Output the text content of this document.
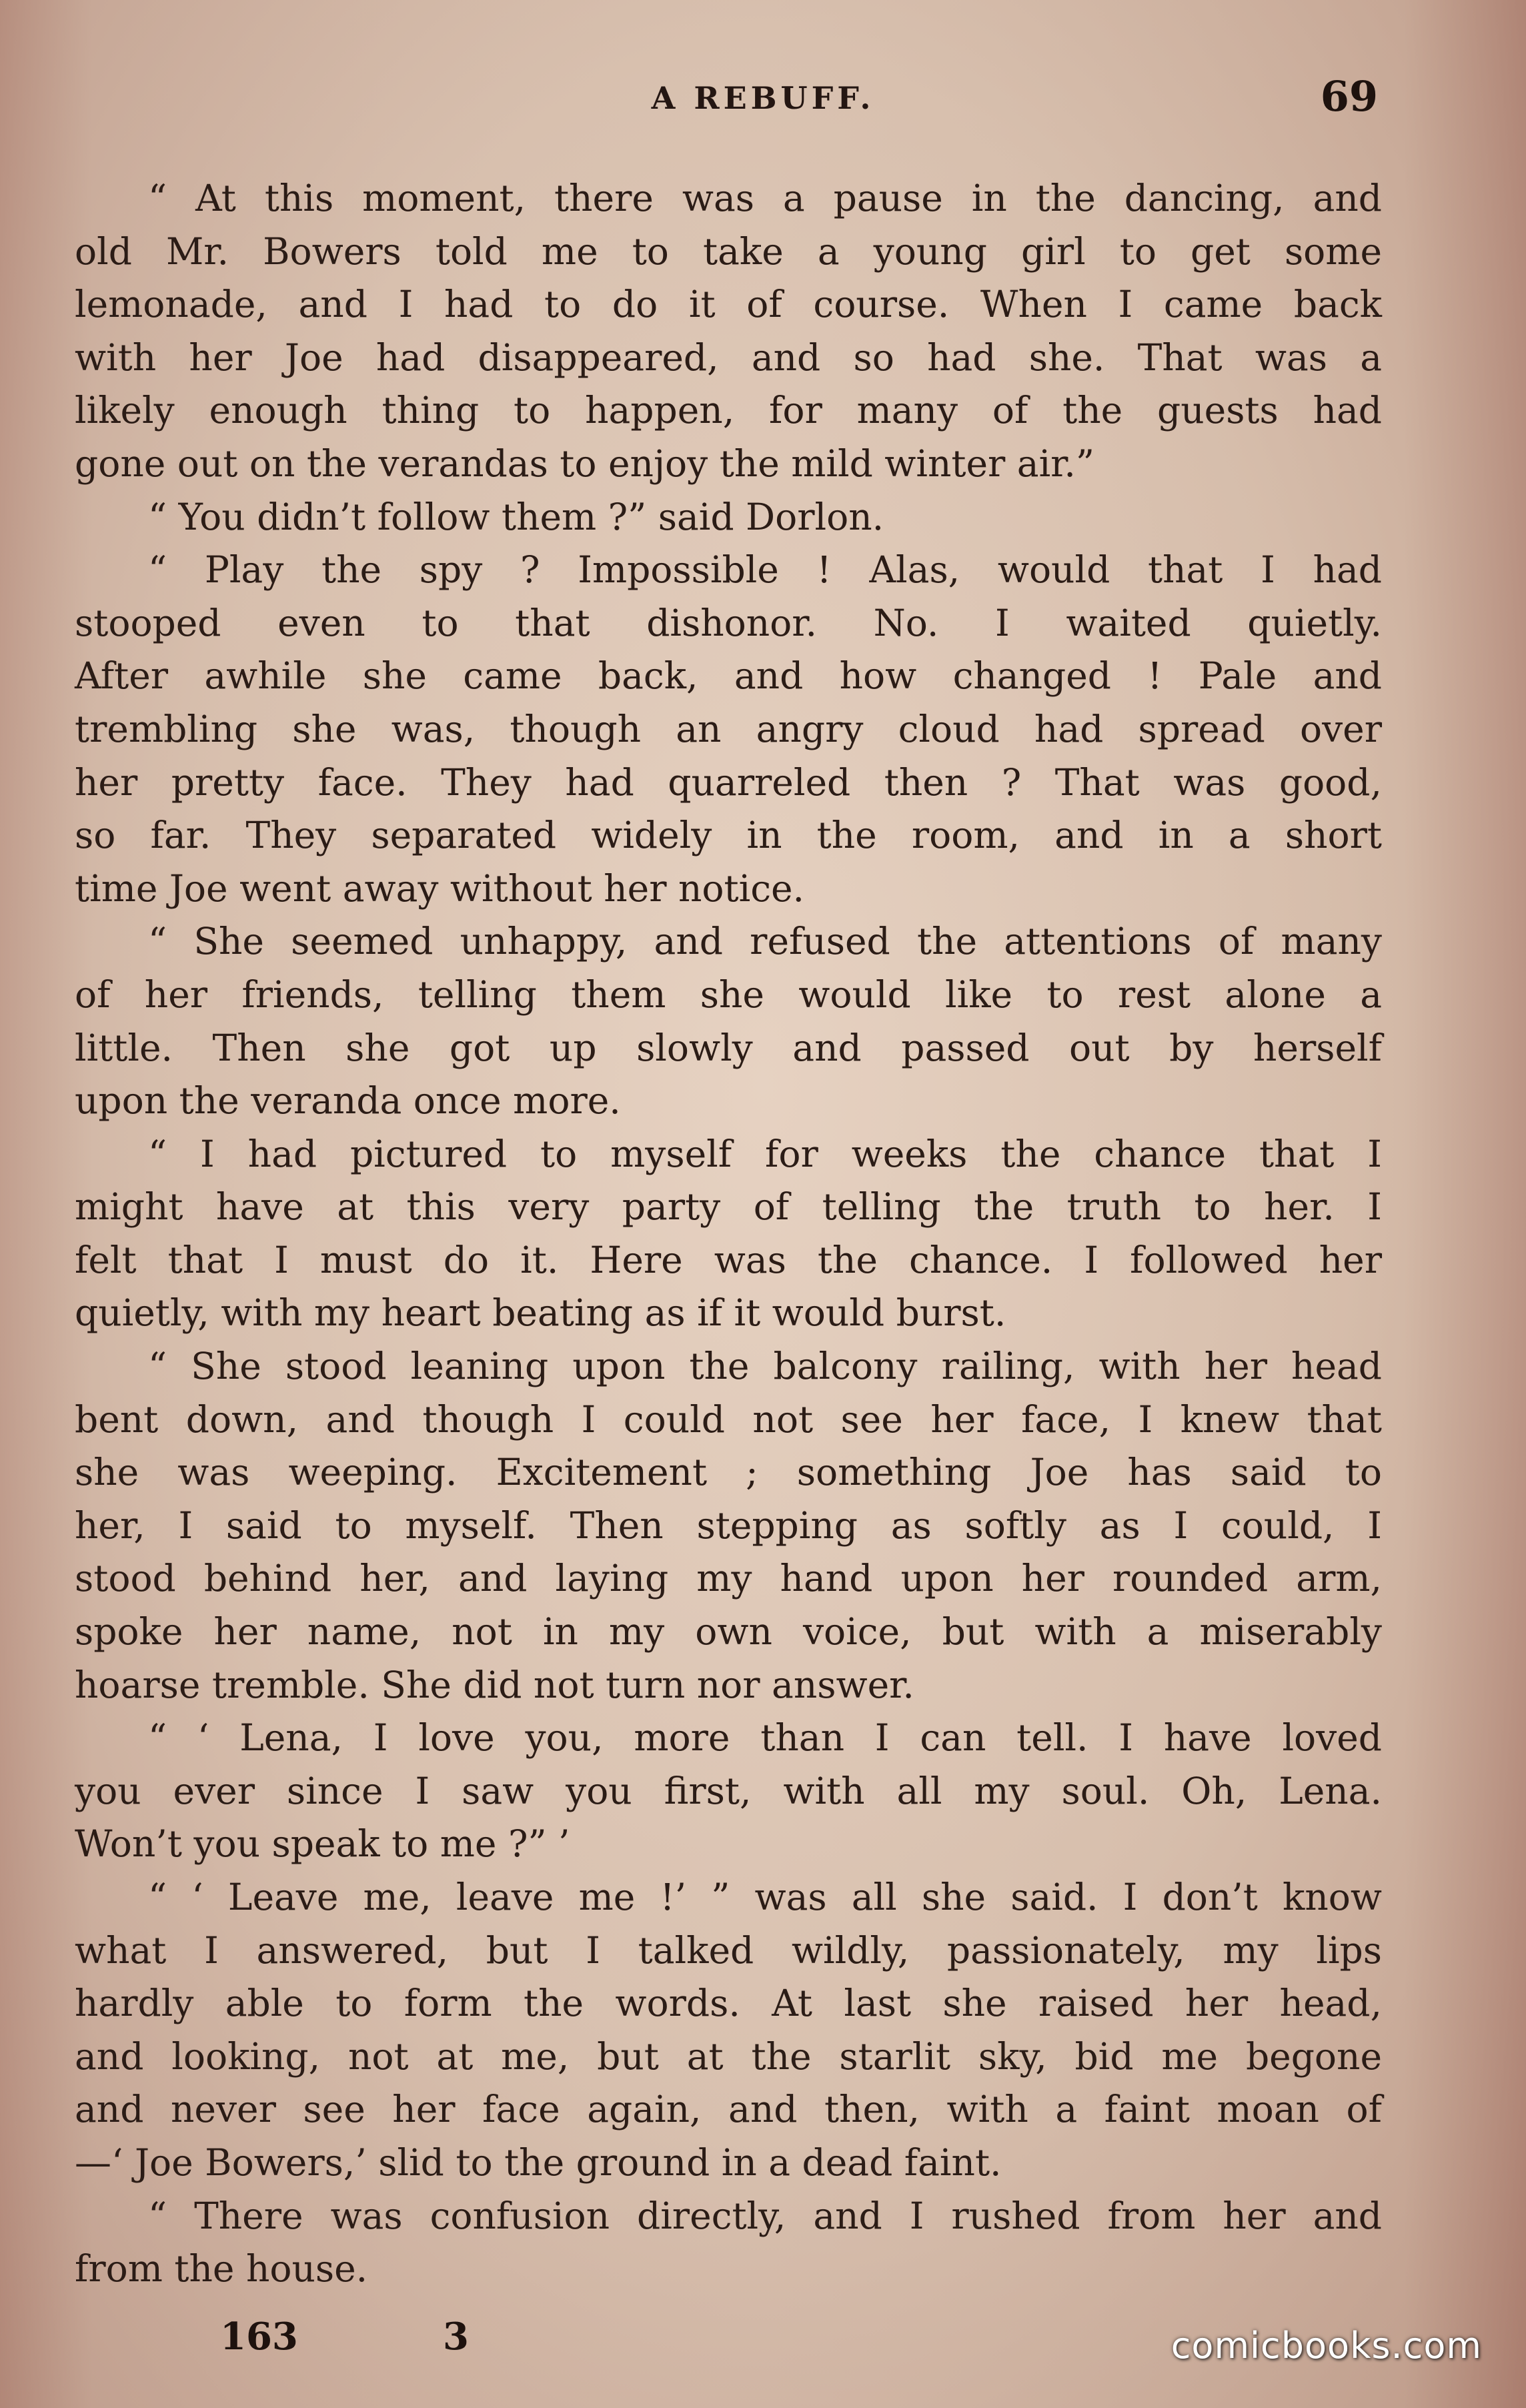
A REBUFF.	69
“ At this moment, there was a pause in the dancing, and
old Mr. Bowers told me to take a young girl to get some
lemonade, and I had to do it of course. When I came back
with her Joe had disappeared, and so had she. That was a
likely enough thing to happen, for many of the guests had
gone out on the verandas to enjoy the mild winter air.”
“ You didn’t follow them ?” said Dorlon.
“ Play the spy ? Impossible ! Alas, would that I had
stooped even to that dishonor. No. I waited quietly.
After awhile she came back, and how changed ! Pale and
trembling she was, though an angry cloud had spread over
her pretty face. They had quarreled then ? That was good,
so far. They separated widely in the room, and in a short
time Joe went away without her notice.
“ She seemed unhappy, and refused the attentions of many
of her friends, telling them she would like to rest alone a
little. Then she got up slowly and passed out by herself
upon the veranda once more.
“ I had pictured to myself for weeks the chance that I
might have at this very party of telling the truth to her. I
felt that I must do it. Here was the chance. I followed her
quietly, with my heart beating as if it would burst.
“ She stood leaning upon the balcony railing, with her head
bent down, and though I could not see her face, I knew that
she was weeping. Excitement ; something Joe has said to
her, I said to myself. Then stepping as softly as I could, I
stood behind her, and laying my hand upon her rounded arm,
spoke her name, not in my own voice, but with a miserably
hoarse tremble. She did not turn nor answer.
“ ‘ Lena, I love you, more than I can tell. I have loved
you ever since I saw you first, with all my soul. Oh, Lena.
Won’t you speak to me ?” ’
“ ‘ Leave me, leave me !’ ” was all she said. I don’t know
what I answered, but I talked wildly, passionately, my lips
hardly able to form the words. At last she raised her head,
and looking, not at me, but at the starlit sky, bid me begone
and never see her face again, and then, with a faint moan of
—‘ Joe Bowers,’ slid to the ground in a dead faint.
“ There was confusion directly, and I rushed from her and
from the house.
163	3	comicbooks.com
